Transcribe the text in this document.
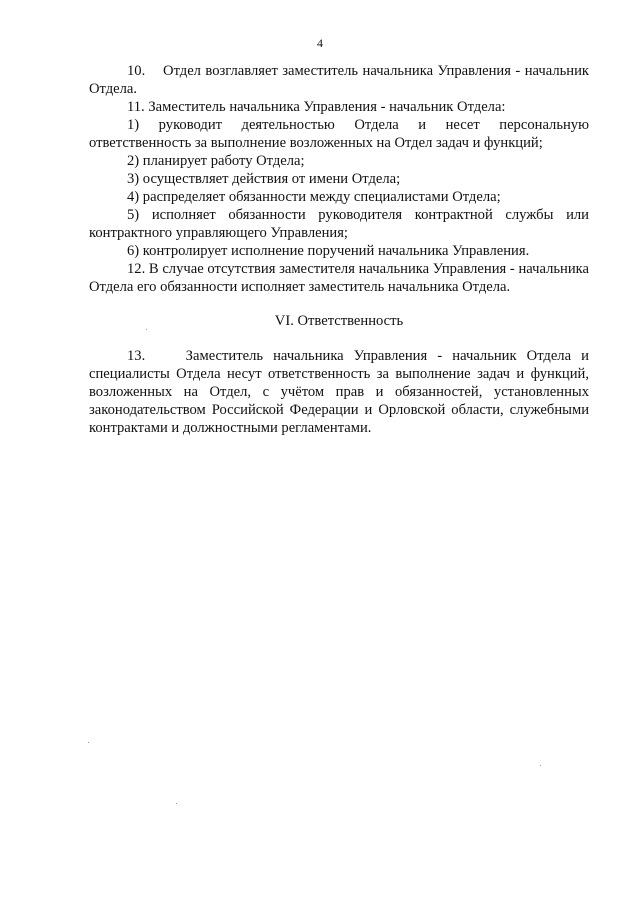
4

10.    Отдел возглавляет заместитель начальника Управления - начальник Отдела.

11. Заместитель начальника Управления - начальник Отдела:

1) руководит деятельностью Отдела и несет персональную ответственность за выполнение возложенных на Отдел задач и функций;

2) планирует работу Отдела;

3) осуществляет действия от имени Отдела;

4) распределяет обязанности между специалистами Отдела;

5) исполняет обязанности руководителя контрактной службы или контрактного управляющего Управления;

6) контролирует исполнение поручений начальника Управления.

12. В случае отсутствия заместителя начальника Управления - начальника Отдела его обязанности исполняет заместитель начальника Отдела.

VI. Ответственность

13.    Заместитель начальника Управления - начальник Отдела и специалисты Отдела несут ответственность за выполнение задач и функций, возложенных на Отдел, с учётом прав и обязанностей, установленных законодательством Российской Федерации и Орловской области, служебными контрактами и должностными регламентами.
